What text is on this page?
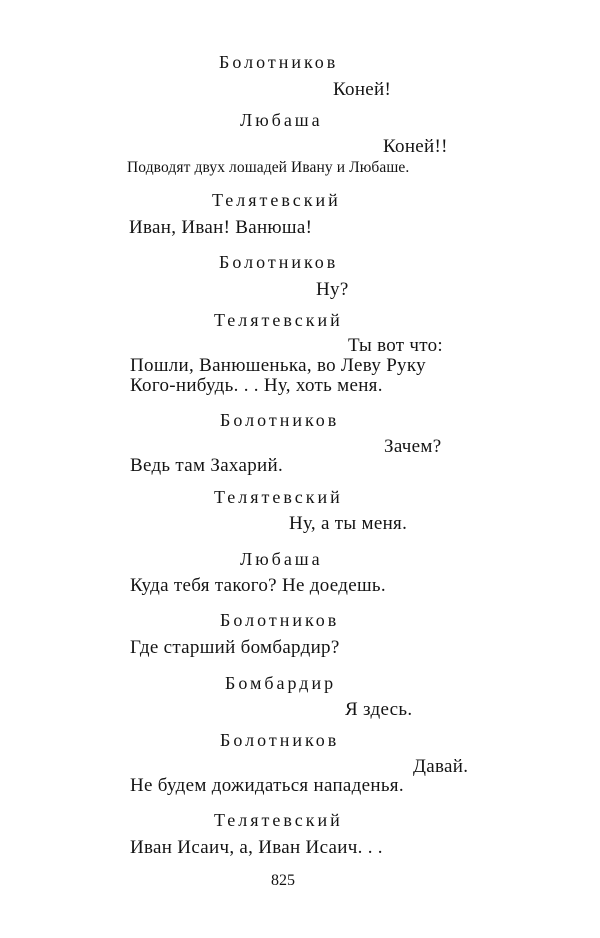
Болотников
Коней!
Любаша
Коней!!
Подводят двух лошадей Ивану и Любаше.
Телятевский
Иван, Иван! Ванюша!
Болотников
Ну?
Телятевский
Ты вот что:
Пошли, Ванюшенька, во Леву Руку
Кого-нибудь. . . Ну, хоть меня.
Болотников
Зачем?
Ведь там Захарий.
Телятевский
Ну, а ты меня.
Любаша
Куда тебя такого? Не доедешь.
Болотников
Где старший бомбардир?
Бомбардир
Я здесь.
Болотников
Давай.
Не будем дожидаться нападенья.
Телятевский
Иван Исаич, а, Иван Исаич. . .
825
